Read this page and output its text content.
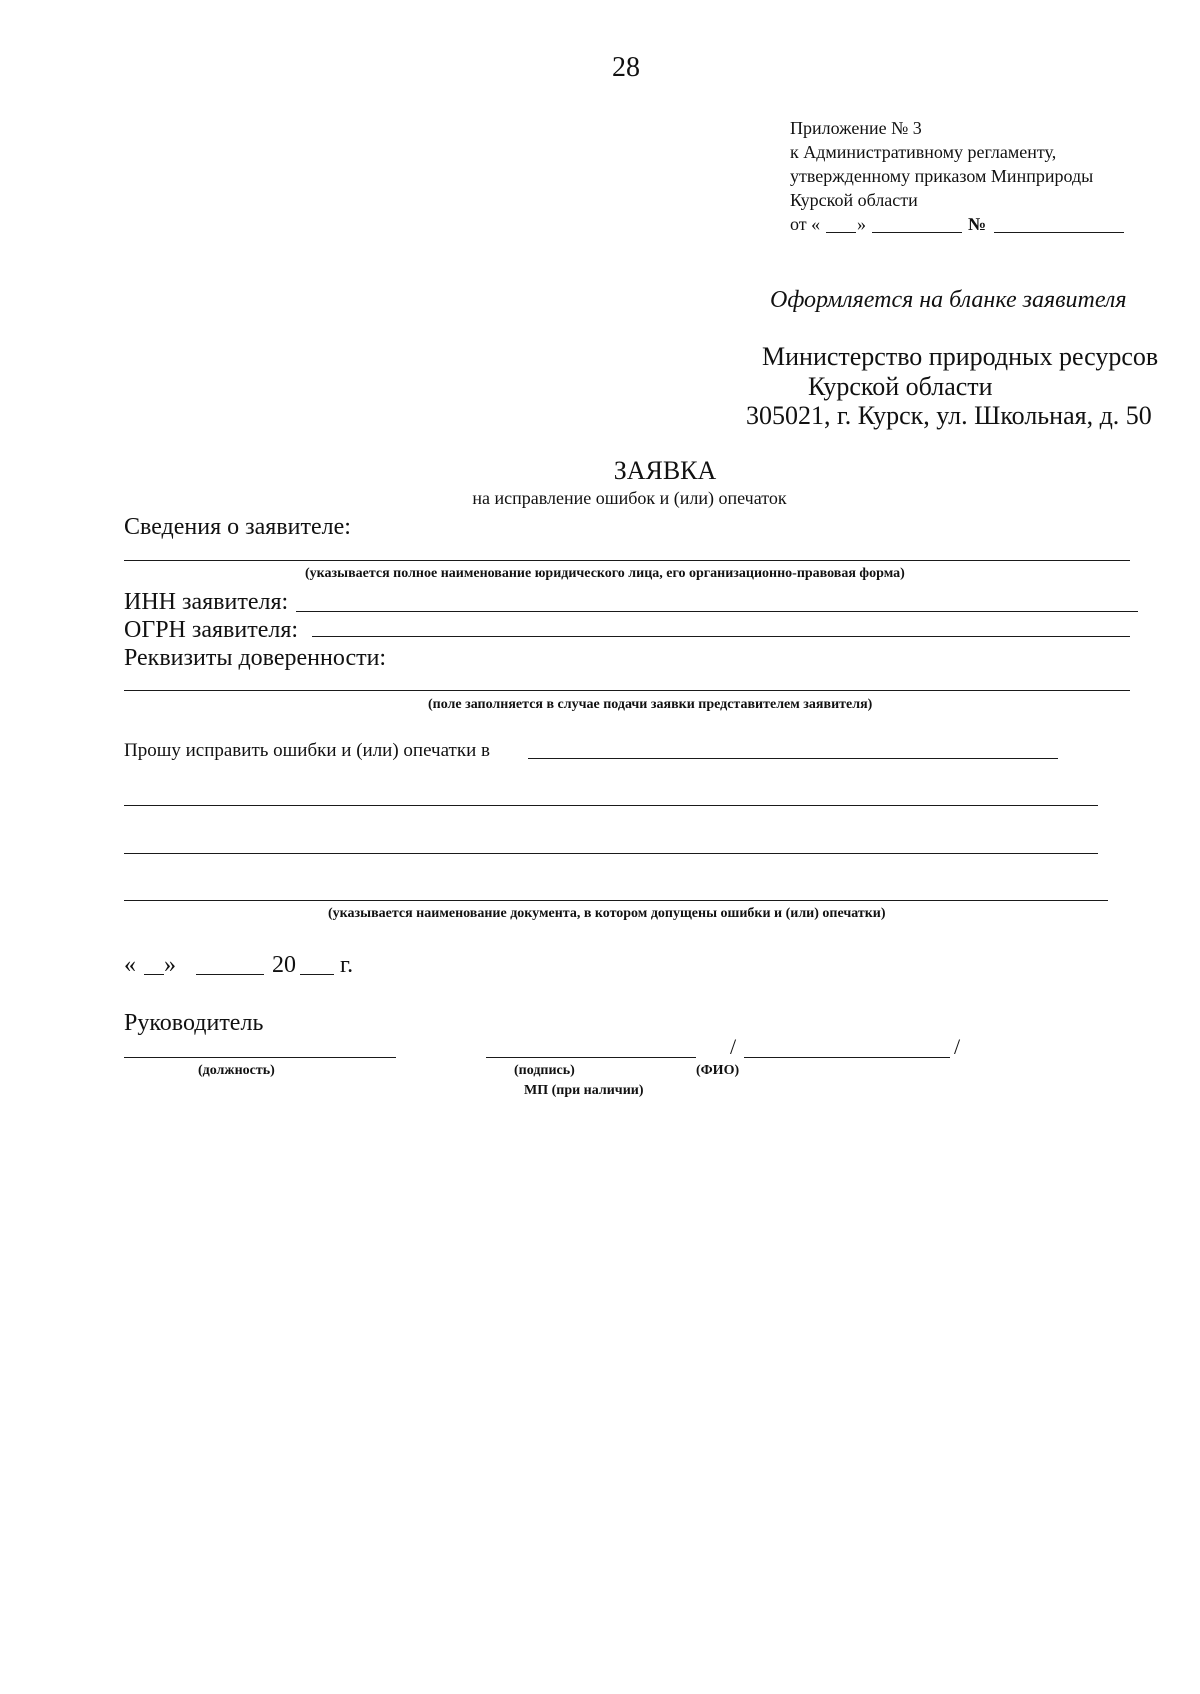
28
Приложение № 3
к Административному регламенту,
утвержденному приказом Минприроды
Курской области
от « »	№
Оформляется на бланке заявителя
Министерство природных ресурсов
Курской области
305021, г. Курск, ул. Школьная, д. 50
ЗАЯВКА
на исправление ошибок и (или) опечаток
Сведения о заявителе:
(указывается полное наименование юридического лица, его организационно-правовая форма)
ИНН заявителя:
ОГРН заявителя:
Реквизиты доверенности:
(поле заполняется в случае подачи заявки представителем заявителя)
Прошу исправить ошибки и (или) опечатки в
(указывается наименование документа, в котором допущены ошибки и (или) опечатки)
« »	20 г.
Руководитель
(должность)	(подпись)
/	/
(ФИО)
МП (при наличии)
